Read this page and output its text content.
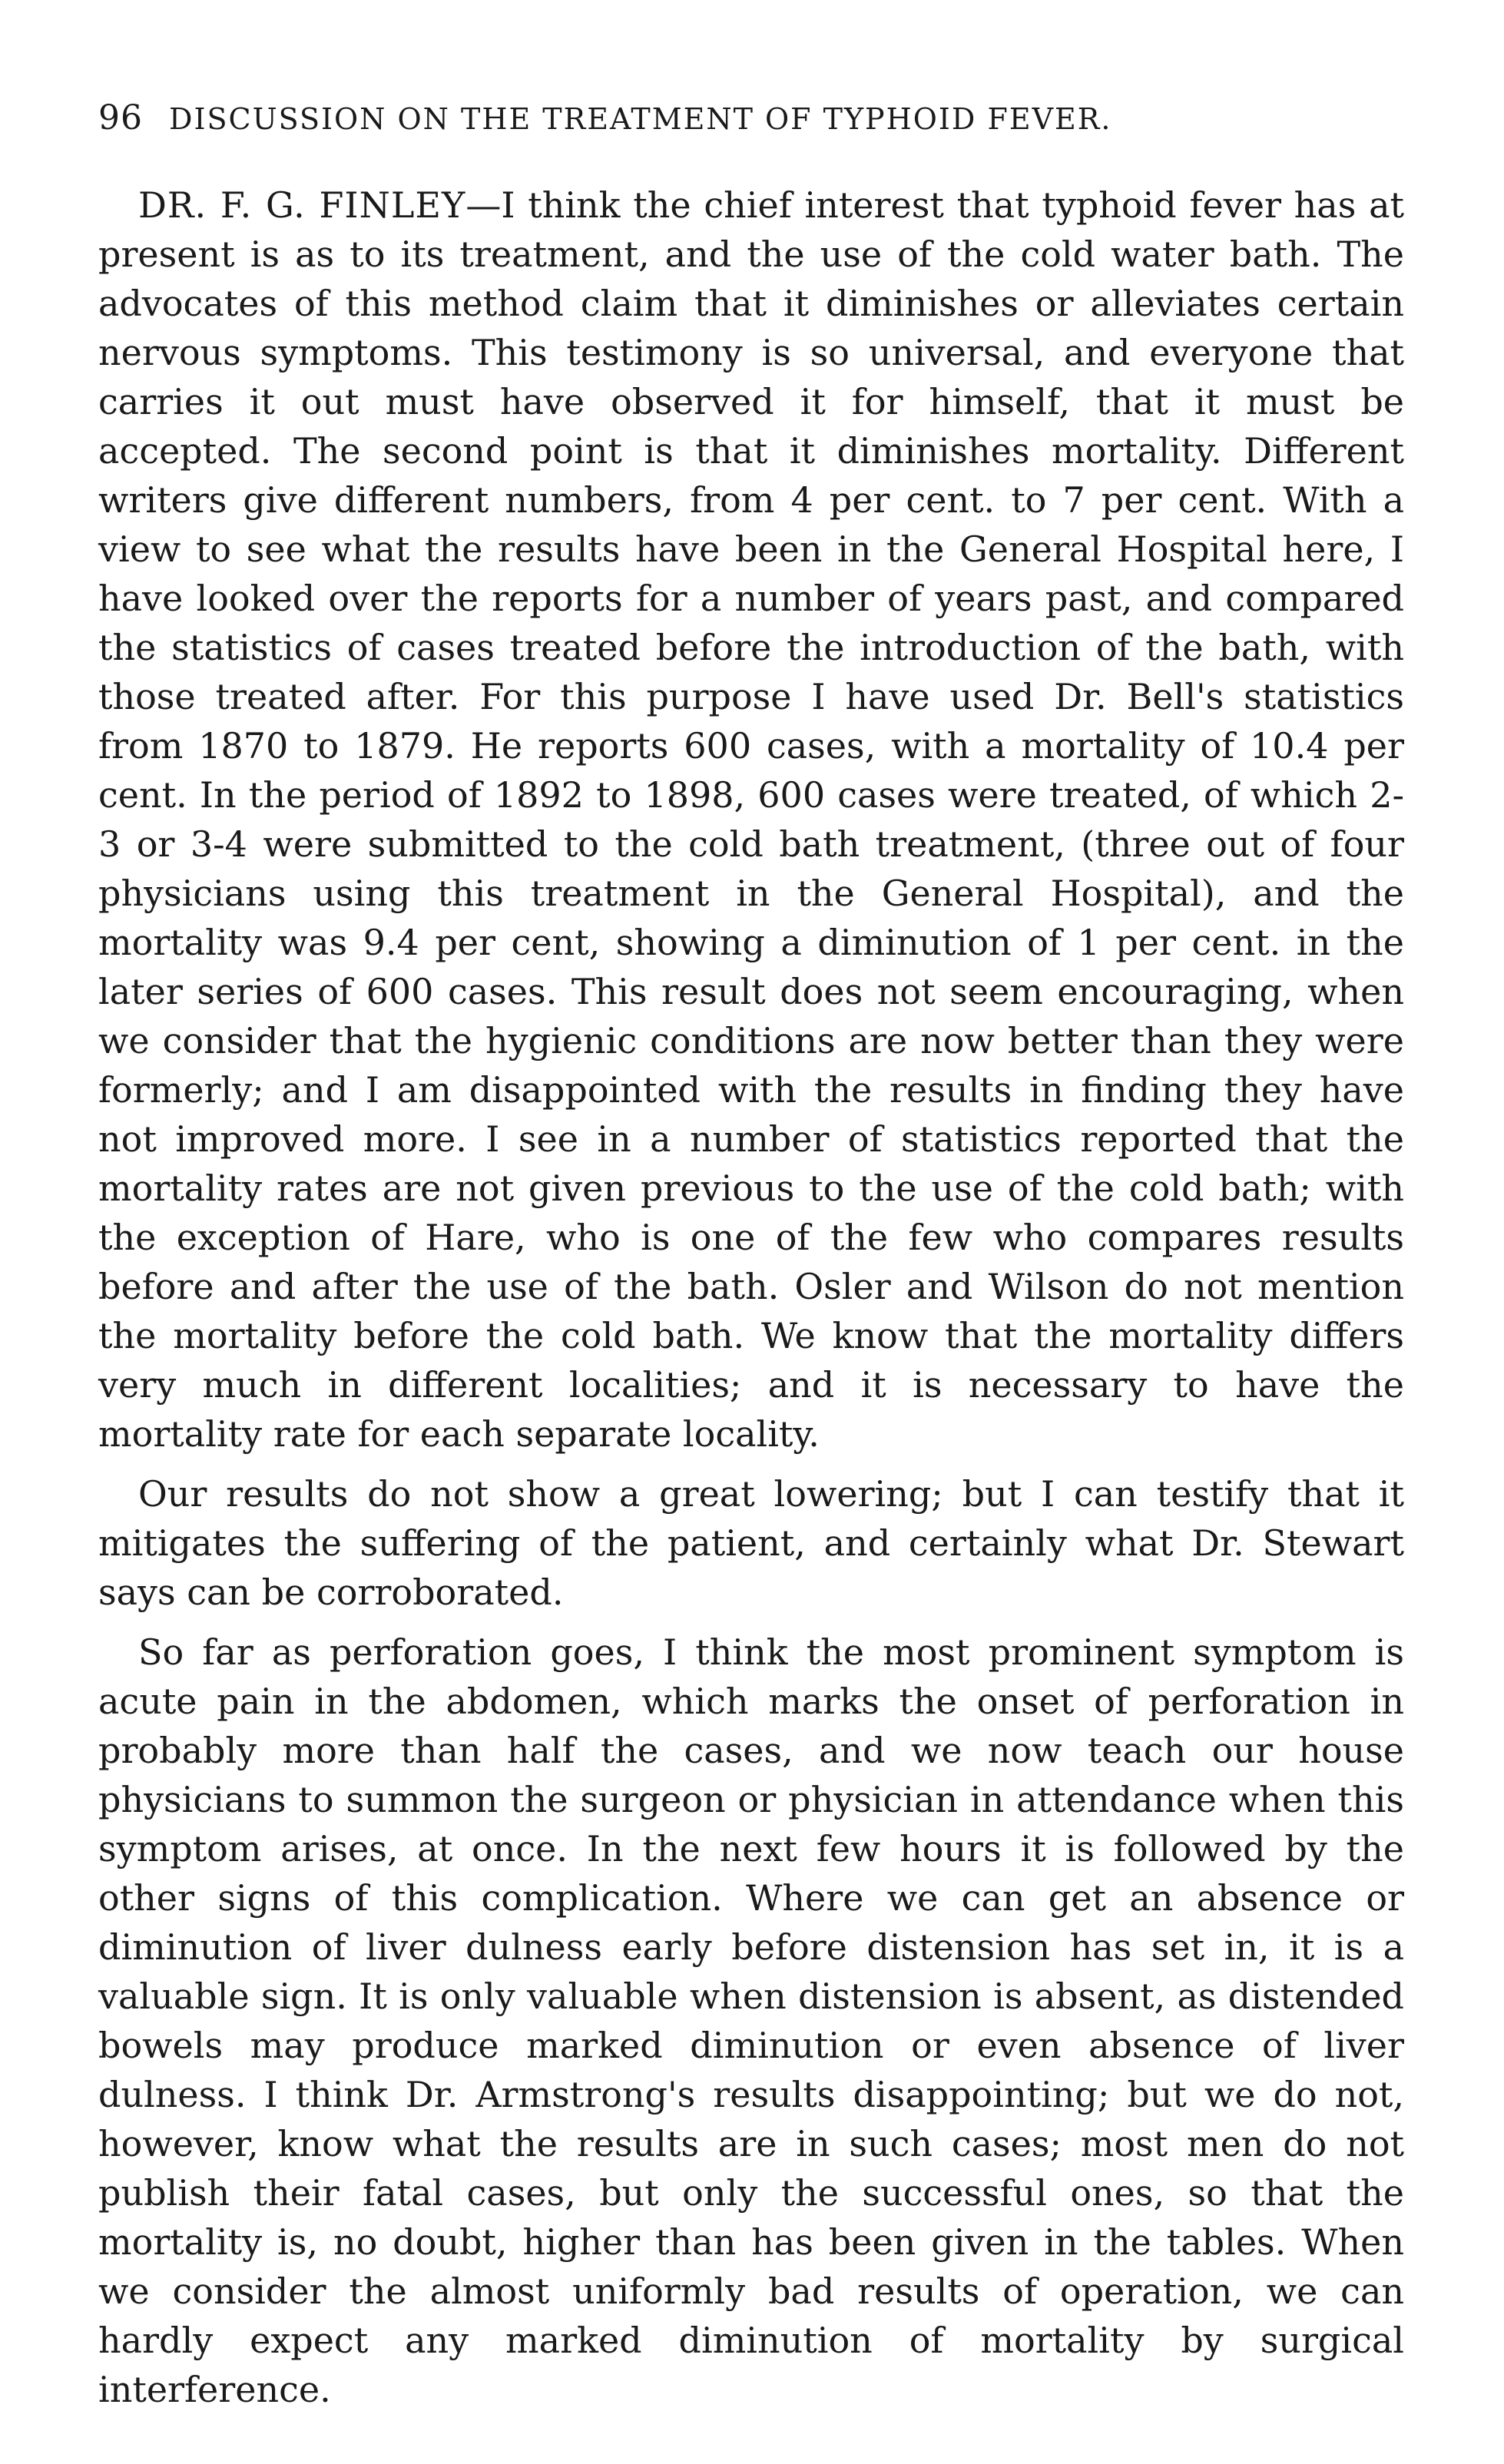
96 DISCUSSION ON THE TREATMENT OF TYPHOID FEVER.

DR. F. G. FINLEY—I think the chief interest that typhoid fever has at present is as to its treatment, and the use of the cold water bath. The advocates of this method claim that it diminishes or alleviates certain nervous symptoms. This testimony is so universal, and everyone that carries it out must have observed it for himself, that it must be accepted. The second point is that it diminishes mortality. Different writers give different numbers, from 4 per cent. to 7 per cent. With a view to see what the results have been in the General Hospital here, I have looked over the reports for a number of years past, and compared the statistics of cases treated before the introduction of the bath, with those treated after. For this purpose I have used Dr. Bell's statistics from 1870 to 1879. He reports 600 cases, with a mortality of 10.4 per cent. In the period of 1892 to 1898, 600 cases were treated, of which 2-3 or 3-4 were submitted to the cold bath treatment, (three out of four physicians using this treatment in the General Hospital), and the mortality was 9.4 per cent, showing a diminution of 1 per cent. in the later series of 600 cases. This result does not seem encouraging, when we consider that the hygienic conditions are now better than they were formerly; and I am disappointed with the results in finding they have not improved more. I see in a number of statistics reported that the mortality rates are not given previous to the use of the cold bath; with the exception of Hare, who is one of the few who compares results before and after the use of the bath. Osler and Wilson do not mention the mortality before the cold bath. We know that the mortality differs very much in different localities; and it is necessary to have the mortality rate for each separate locality.

Our results do not show a great lowering; but I can testify that it mitigates the suffering of the patient, and certainly what Dr. Stewart says can be corroborated.

So far as perforation goes, I think the most prominent symptom is acute pain in the abdomen, which marks the onset of perforation in probably more than half the cases, and we now teach our house physicians to summon the surgeon or physician in attendance when this symptom arises, at once. In the next few hours it is followed by the other signs of this complication. Where we can get an absence or diminution of liver dulness early before distension has set in, it is a valuable sign. It is only valuable when distension is absent, as distended bowels may produce marked diminution or even absence of liver dulness. I think Dr. Armstrong's results disappointing; but we do not, however, know what the results are in such cases; most men do not publish their fatal cases, but only the successful ones, so that the mortality is, no doubt, higher than has been given in the tables. When we consider the almost uniformly bad results of operation, we can hardly expect any marked diminution of mortality by surgical interference.
